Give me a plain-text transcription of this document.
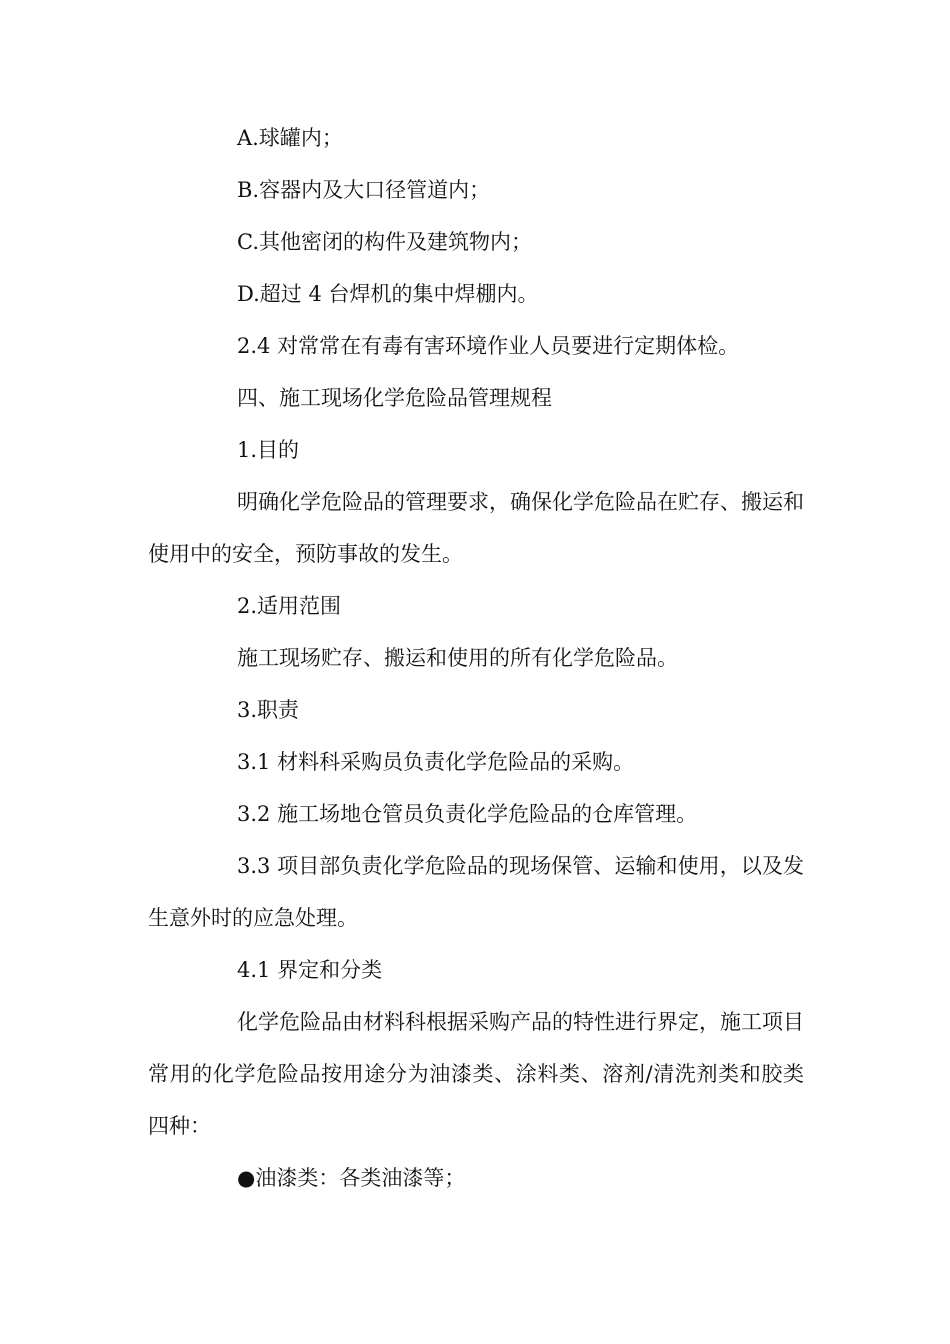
A.球罐内；
B.容器内及大口径管道内；
C.其他密闭的构件及建筑物内；
D.超过 4 台焊机的集中焊棚内。
2.4 对常常在有毒有害环境作业人员要进行定期体检。
四、施工现场化学危险品管理规程
1.目的

明确化学危险品的管理要求，确保化学危险品在贮存、搬运和使用中的安全，预防事故的发生。

2.适用范围
施工现场贮存、搬运和使用的所有化学危险品。
3.职责
3.1 材料科采购员负责化学危险品的采购。
3.2 施工场地仓管员负责化学危险品的仓库管理。

3.3 项目部负责化学危险品的现场保管、运输和使用，以及发生意外时的应急处理。

4.1 界定和分类

化学危险品由材料科根据采购产品的特性进行界定，施工项目常用的化学危险品按用途分为油漆类、涂料类、溶剂/清洗剂类和胶类四种：

●油漆类：各类油漆等；
